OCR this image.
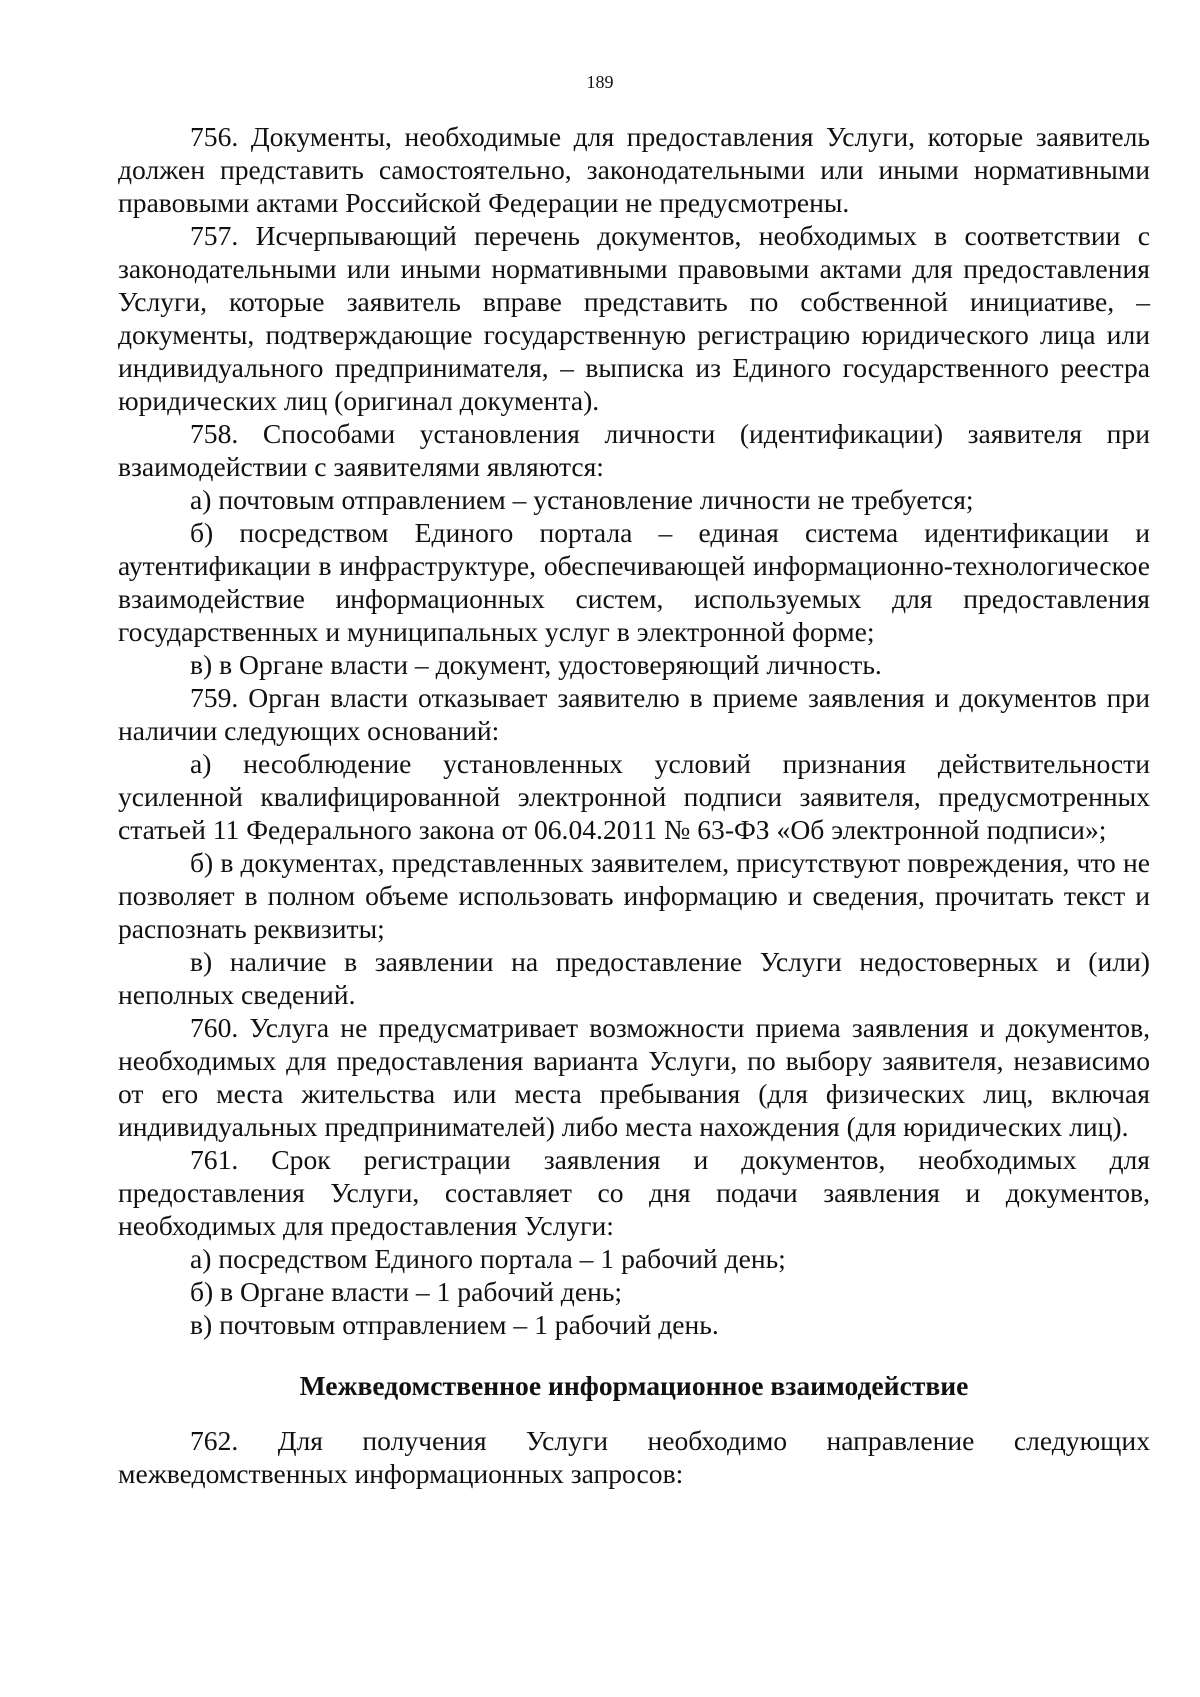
189

756. Документы, необходимые для предоставления Услуги, которые заявитель должен представить самостоятельно, законодательными или иными нормативными правовыми актами Российской Федерации не предусмотрены.

757. Исчерпывающий перечень документов, необходимых в соответствии с законодательными или иными нормативными правовыми актами для предоставления Услуги, которые заявитель вправе представить по собственной инициативе, – документы, подтверждающие государственную регистрацию юридического лица или индивидуального предпринимателя, – выписка из Единого государственного реестра юридических лиц (оригинал документа).

758. Способами установления личности (идентификации) заявителя при взаимодействии с заявителями являются:

а) почтовым отправлением – установление личности не требуется;

б) посредством Единого портала – единая система идентификации и аутентификации в инфраструктуре, обеспечивающей информационно-технологическое взаимодействие информационных систем, используемых для предоставления государственных и муниципальных услуг в электронной форме;

в) в Органе власти – документ, удостоверяющий личность.

759. Орган власти отказывает заявителю в приеме заявления и документов при наличии следующих оснований:

а) несоблюдение установленных условий признания действительности усиленной квалифицированной электронной подписи заявителя, предусмотренных статьей 11 Федерального закона от 06.04.2011 № 63-ФЗ «Об электронной подписи»;

б) в документах, представленных заявителем, присутствуют повреждения, что не позволяет в полном объеме использовать информацию и сведения, прочитать текст и распознать реквизиты;

в) наличие в заявлении на предоставление Услуги недостоверных и (или) неполных сведений.

760. Услуга не предусматривает возможности приема заявления и документов, необходимых для предоставления варианта Услуги, по выбору заявителя, независимо от его места жительства или места пребывания (для физических лиц, включая индивидуальных предпринимателей) либо места нахождения (для юридических лиц).

761. Срок регистрации заявления и документов, необходимых для предоставления Услуги, составляет со дня подачи заявления и документов, необходимых для предоставления Услуги:

а) посредством Единого портала – 1 рабочий день;

б) в Органе власти – 1 рабочий день;

в) почтовым отправлением – 1 рабочий день.

Межведомственное информационное взаимодействие

762. Для получения Услуги необходимо направление следующих межведомственных информационных запросов:
